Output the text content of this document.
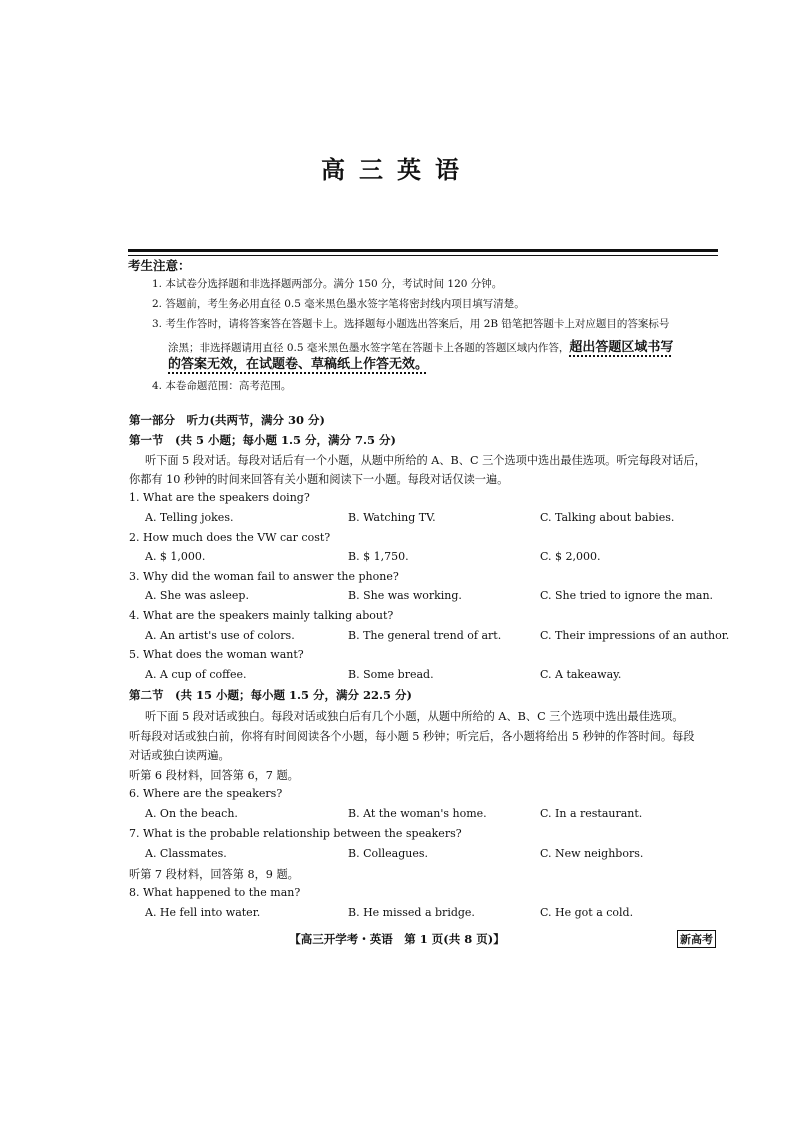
高三英语
考生注意：
1. 本试卷分选择题和非选择题两部分。满分 150 分，考试时间 120 分钟。
2. 答题前，考生务必用直径 0.5 毫米黑色墨水签字笔将密封线内项目填写清楚。
3. 考生作答时，请将答案答在答题卡上。选择题每小题选出答案后，用 2B 铅笔把答题卡上对应题目的答案标号
涂黑；非选择题请用直径 0.5 毫米黑色墨水签字笔在答题卡上各题的答题区域内作答，超出答题区域书写
的答案无效，在试题卷、草稿纸上作答无效。
4. 本卷命题范围：高考范围。
第一部分　听力(共两节，满分 30 分)
第一节　(共 5 小题；每小题 1.5 分，满分 7.5 分)
听下面 5 段对话。每段对话后有一个小题，从题中所给的 A、B、C 三个选项中选出最佳选项。听完每段对话后，
你都有 10 秒钟的时间来回答有关小题和阅读下一小题。每段对话仅读一遍。
1. What are the speakers doing?
A. Telling jokes.	B. Watching TV.	C. Talking about babies.
2. How much does the VW car cost?
A. $ 1,000.	B. $ 1,750.	C. $ 2,000.
3. Why did the woman fail to answer the phone?
A. She was asleep.	B. She was working.	C. She tried to ignore the man.
4. What are the speakers mainly talking about?
A. An artist's use of colors.	B. The general trend of art.	C. Their impressions of an author.
5. What does the woman want?
A. A cup of coffee.	B. Some bread.	C. A takeaway.
第二节　(共 15 小题；每小题 1.5 分，满分 22.5 分)
听下面 5 段对话或独白。每段对话或独白后有几个小题，从题中所给的 A、B、C 三个选项中选出最佳选项。
听每段对话或独白前，你将有时间阅读各个小题，每小题 5 秒钟；听完后，各小题将给出 5 秒钟的作答时间。每段
对话或独白读两遍。
听第 6 段材料，回答第 6，7 题。
6. Where are the speakers?
A. On the beach.	B. At the woman's home.	C. In a restaurant.
7. What is the probable relationship between the speakers?
A. Classmates.	B. Colleagues.	C. New neighbors.
听第 7 段材料，回答第 8，9 题。
8. What happened to the man?
A. He fell into water.	B. He missed a bridge.	C. He got a cold.
【高三开学考・英语　第 1 页(共 8 页)】	新高考
